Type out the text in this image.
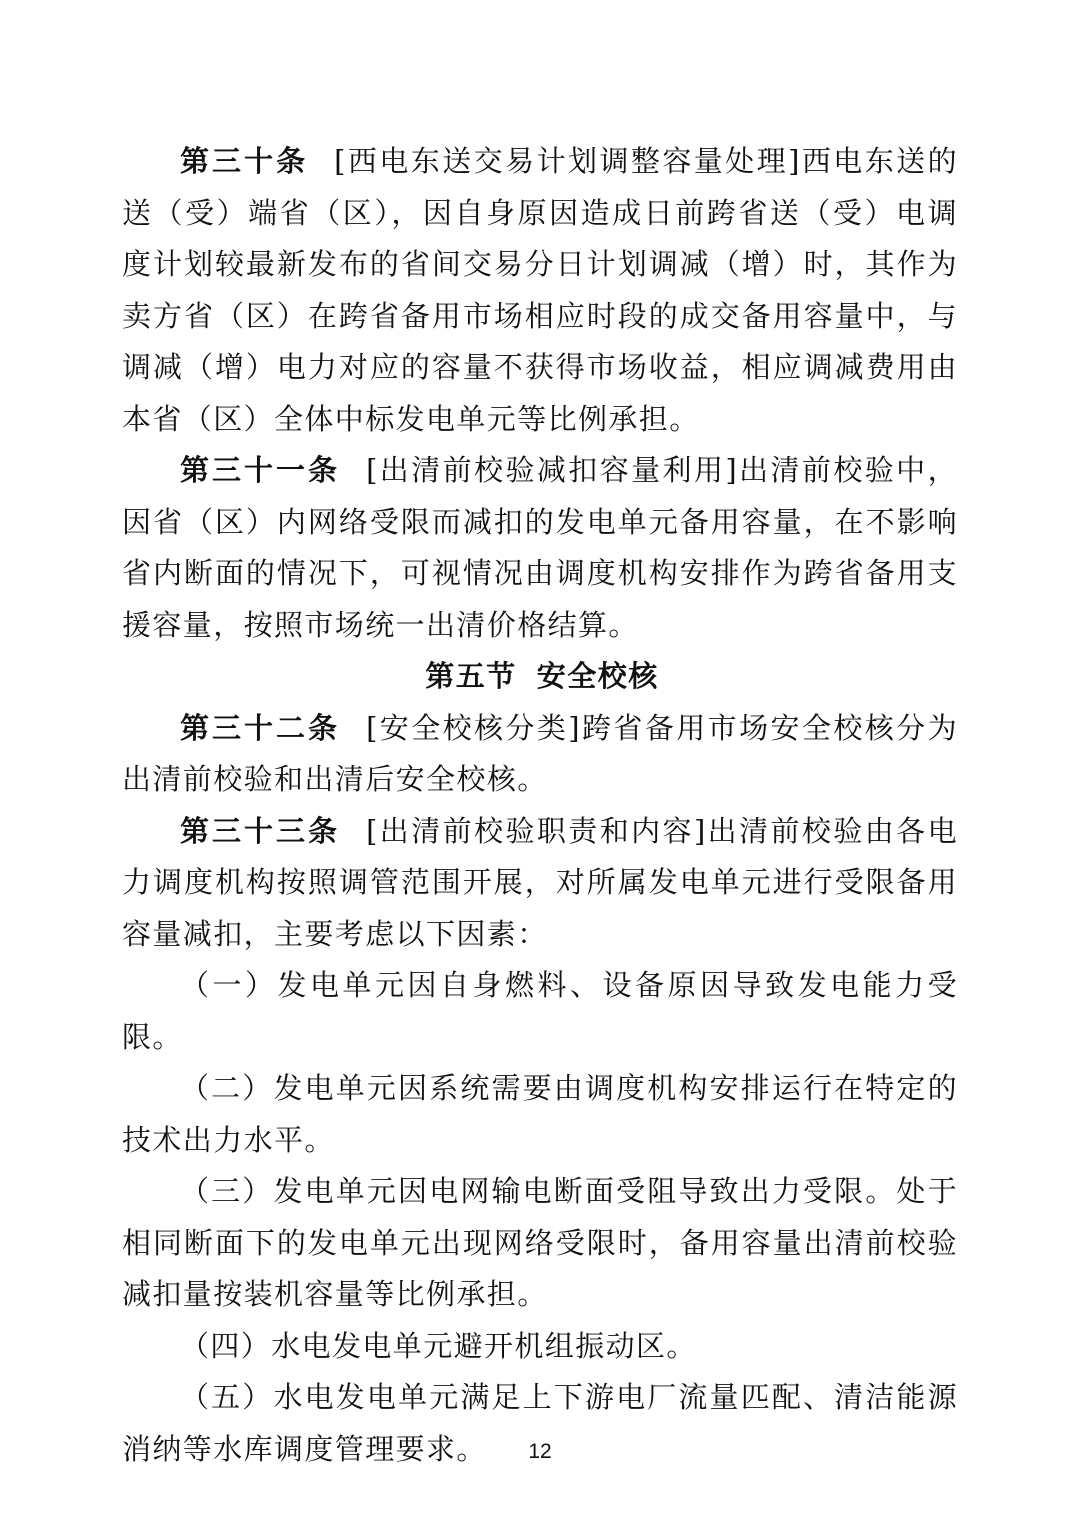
第三十条 [西电东送交易计划调整容量处理]西电东送的送（受）端省（区），因自身原因造成日前跨省送（受）电调度计划较最新发布的省间交易分日计划调减（增）时，其作为卖方省（区）在跨省备用市场相应时段的成交备用容量中，与调减（增）电力对应的容量不获得市场收益，相应调减费用由本省（区）全体中标发电单元等比例承担。

第三十一条 [出清前校验减扣容量利用]出清前校验中，因省（区）内网络受限而减扣的发电单元备用容量，在不影响省内断面的情况下，可视情况由调度机构安排作为跨省备用支援容量，按照市场统一出清价格结算。

第五节 安全校核

第三十二条 [安全校核分类]跨省备用市场安全校核分为出清前校验和出清后安全校核。

第三十三条 [出清前校验职责和内容]出清前校验由各电力调度机构按照调管范围开展，对所属发电单元进行受限备用容量减扣，主要考虑以下因素：

（一）发电单元因自身燃料、设备原因导致发电能力受限。

（二）发电单元因系统需要由调度机构安排运行在特定的技术出力水平。

（三）发电单元因电网输电断面受阻导致出力受限。处于相同断面下的发电单元出现网络受限时，备用容量出清前校验减扣量按装机容量等比例承担。

（四）水电发电单元避开机组振动区。

（五）水电发电单元满足上下游电厂流量匹配、清洁能源消纳等水库调度管理要求。	12
